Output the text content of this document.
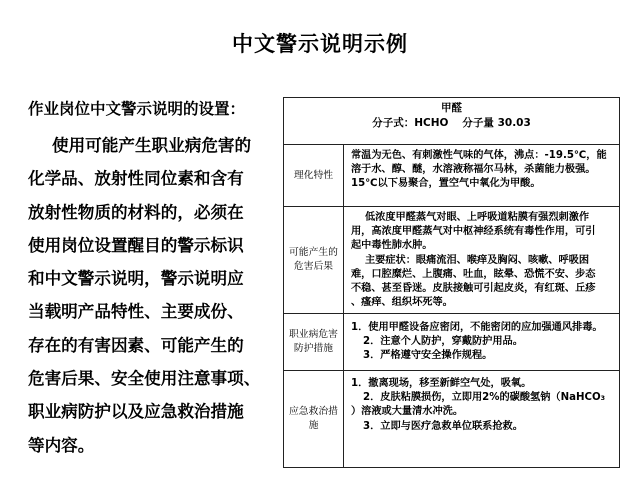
中文警示说明示例
作业岗位中文警示说明的设置：
使用可能产生职业病危害的
化学品、放射性同位素和含有
放射性物质的材料的，必须在
使用岗位设置醒目的警示标识
和中文警示说明，警示说明应
当载明产品特性、主要成份、
存在的有害因素、可能产生的
危害后果、安全使用注意事项、
职业病防护以及应急救治措施
等内容。
甲醛
分子式：HCHO 分子量 30.03
理化特性
常温为无色、有刺激性气味的气体，沸点：-19.5℃，能
溶于水、醇、醚，水溶液称福尔马林，杀菌能力极强。
15℃以下易聚合，置空气中氧化为甲酸。
可能产生的危害后果
低浓度甲醛蒸气对眼、上呼吸道粘膜有强烈刺激作
用，高浓度甲醛蒸气对中枢神经系统有毒性作用，可引
起中毒性肺水肿。
主要症状：眼痛流泪、喉痒及胸闷、咳嗽、呼吸困
难，口腔糜烂、上腹痛、吐血，眩晕、恐慌不安、步态
不稳、甚至昏迷。皮肤接触可引起皮炎，有红斑、丘疹
、瘙痒、组织坏死等。
职业病危害防护措施
1．使用甲醛设备应密闭，不能密闭的应加强通风排毒。
2．注意个人防护，穿戴防护用品。
3．严格遵守安全操作规程。
应急救治措施
1．撤离现场，移至新鲜空气处，吸氧。
2．皮肤粘膜损伤，立即用2%的碳酸氢钠（NaHCO₃
）溶液或大量清水冲洗。
3．立即与医疗急救单位联系抢救。
